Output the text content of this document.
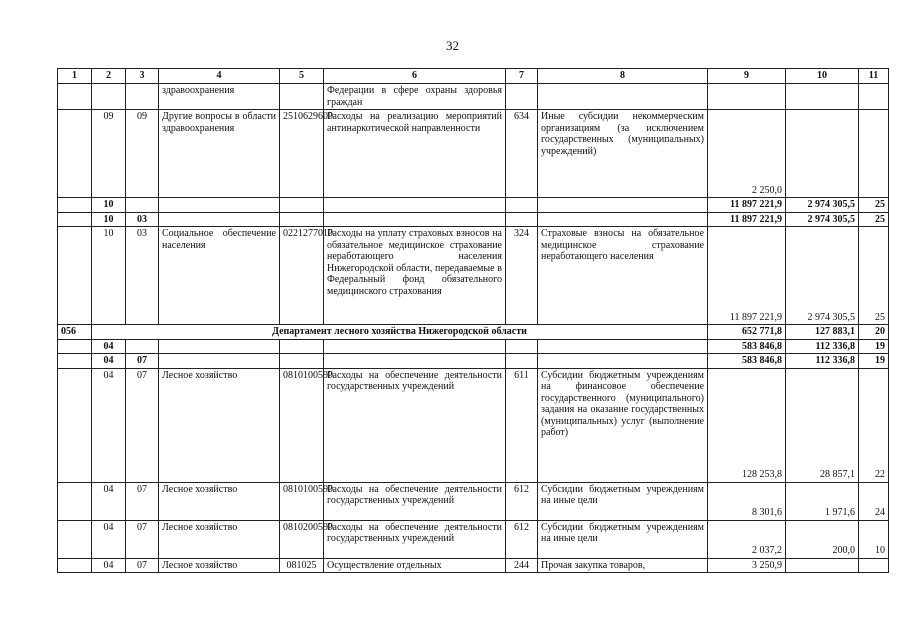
32
1	2	3	4	5	6	7	8	9	10	11
			здравоохранения		Федерации в сфере охраны здоровья граждан					
	09	09	Другие вопросы в области здравоохранения	2510629600	Расходы на реализацию мероприятий антинаркотической направленности	634	Иные субсидии некоммерческим организациям (за исключением государственных (муниципальных) учреждений)	2 250,0		
	10							11 897 221,9	2 974 305,5	25
	10	03						11 897 221,9	2 974 305,5	25
	10	03	Социальное обеспечение населения	0221277010	Расходы на уплату страховых взносов на обязательное медицинское страхование неработающего населения Нижегородской области, передаваемые в Федеральный фонд обязательного медицинского страхования	324	Страховые взносы на обязательное медицинское страхование неработающего населения	11 897 221,9	2 974 305,5	25
056	Департамент лесного хозяйства Нижегородской области							652 771,8	127 883,1	20
	04							583 846,8	112 336,8	19
	04	07						583 846,8	112 336,8	19
	04	07	Лесное хозяйство	0810100590	Расходы на обеспечение деятельности государственных учреждений	611	Субсидии бюджетным учреждениям на финансовое обеспечение государственного (муниципального) задания на оказание государственных (муниципальных) услуг (выполнение работ)	128 253,8	28 857,1	22
	04	07	Лесное хозяйство	0810100590	Расходы на обеспечение деятельности государственных учреждений	612	Субсидии бюджетным учреждениям на иные цели	8 301,6	1 971,6	24
	04	07	Лесное хозяйство	0810200590	Расходы на обеспечение деятельности государственных учреждений	612	Субсидии бюджетным учреждениям на иные цели	2 037,2	200,0	10
	04	07	Лесное хозяйство	081025	Осуществление отдельных	244	Прочая закупка товаров,	3 250,9		
